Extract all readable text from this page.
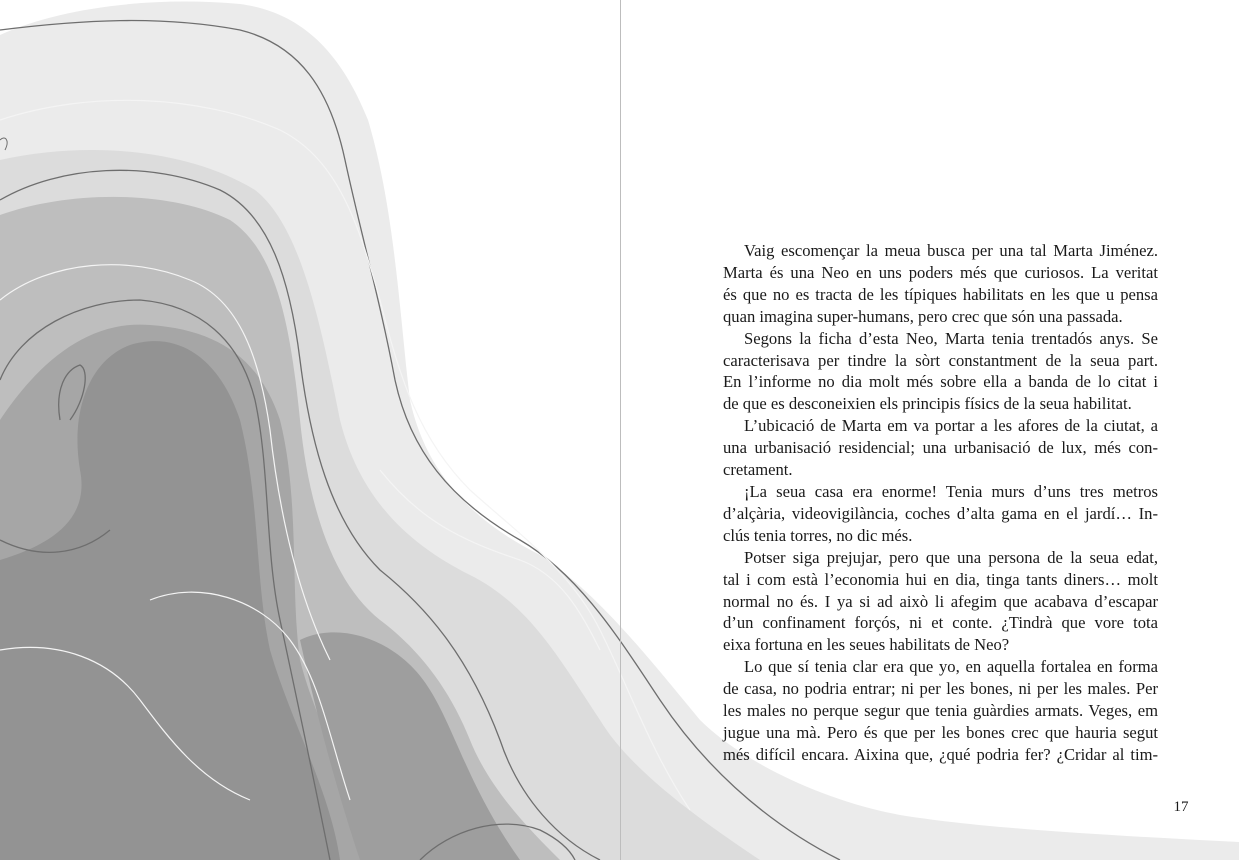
Vaig escomençar la meua busca per una tal Marta Jiménez.
Marta és una Neo en uns poders més que curiosos. La veritat
és que no es tracta de les típiques habilitats en les que u pensa
quan imagina super-humans, pero crec que són una passada.
Segons la ficha d’esta Neo, Marta tenia trentadós anys. Se
caracterisava per tindre la sòrt constantment de la seua part.
En l’informe no dia molt més sobre ella a banda de lo citat i
de que es desconeixien els principis físics de la seua habilitat.
L’ubicació de Marta em va portar a les afores de la ciutat, a
una urbanisació residencial; una urbanisació de lux, més con-
cretament.
¡La seua casa era enorme! Tenia murs d’uns tres metros
d’alçària, videovigilància, coches d’alta gama en el jardí… In-
clús tenia torres, no dic més.
Potser siga prejujar, pero que una persona de la seua edat,
tal i com està l’economia hui en dia, tinga tants diners… molt
normal no és. I ya si ad això li afegim que acabava d’escapar
d’un confinament forçós, ni et conte. ¿Tindrà que vore tota
eixa fortuna en les seues habilitats de Neo?
Lo que sí tenia clar era que yo, en aquella fortalea en forma
de casa, no podria entrar; ni per les bones, ni per les males. Per
les males no perque segur que tenia guàrdies armats. Veges, em
jugue una mà. Pero és que per les bones crec que hauria segut
més difícil encara. Aixina que, ¿qué podria fer? ¿Cridar al tim-
17
